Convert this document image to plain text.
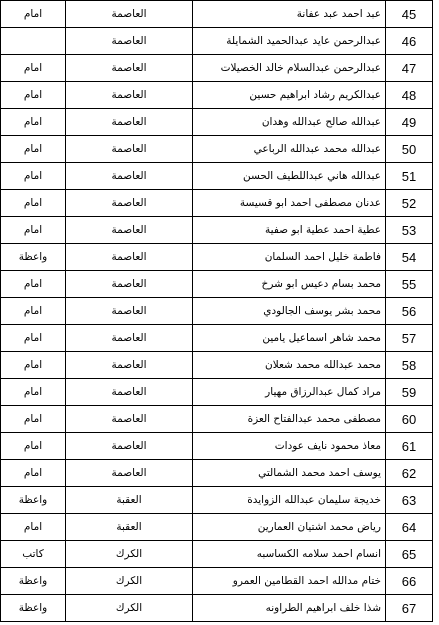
45	عبد احمد عبد عفانة	العاصمة	امام
46	عبدالرحمن عايد عبدالحميد الشمايلة	العاصمة	
47	عبدالرحمن عبدالسلام خالد الخصيلات	العاصمة	امام
48	عبدالكريم رشاد ابراهيم حسين	العاصمة	امام
49	عبدالله صالح عبدالله وهدان	العاصمة	امام
50	عبدالله محمد عبدالله الرباعي	العاصمة	امام
51	عبدالله هاني عبداللطيف الحسن	العاصمة	امام
52	عدنان مصطفى احمد ابو قسيسة	العاصمة	امام
53	عطية احمد عطية ابو صفية	العاصمة	امام
54	فاطمة خليل احمد السلمان	العاصمة	واعظة
55	محمد بسام دعيس ابو شرخ	العاصمة	امام
56	محمد بشر يوسف الجالودي	العاصمة	امام
57	محمد شاهر اسماعيل يامين	العاصمة	امام
58	محمد عبدالله محمد شعلان	العاصمة	امام
59	مراد كمال عبدالرزاق مهيار	العاصمة	امام
60	مصطفى محمد عبدالفتاح العزة	العاصمة	امام
61	معاذ محمود نايف عودات	العاصمة	امام
62	يوسف احمد محمد الشمالتي	العاصمة	امام
63	خديجة سليمان عبدالله الزوايدة	العقبة	واعظة
64	رياض محمد اشتيان العمارين	العقبة	امام
65	انسام احمد سلامه الكساسبه	الكرك	كاتب
66	ختام مدالله احمد القطامين العمرو	الكرك	واعظة
67	شذا خلف ابراهيم الطراونه	الكرك	واعظة
